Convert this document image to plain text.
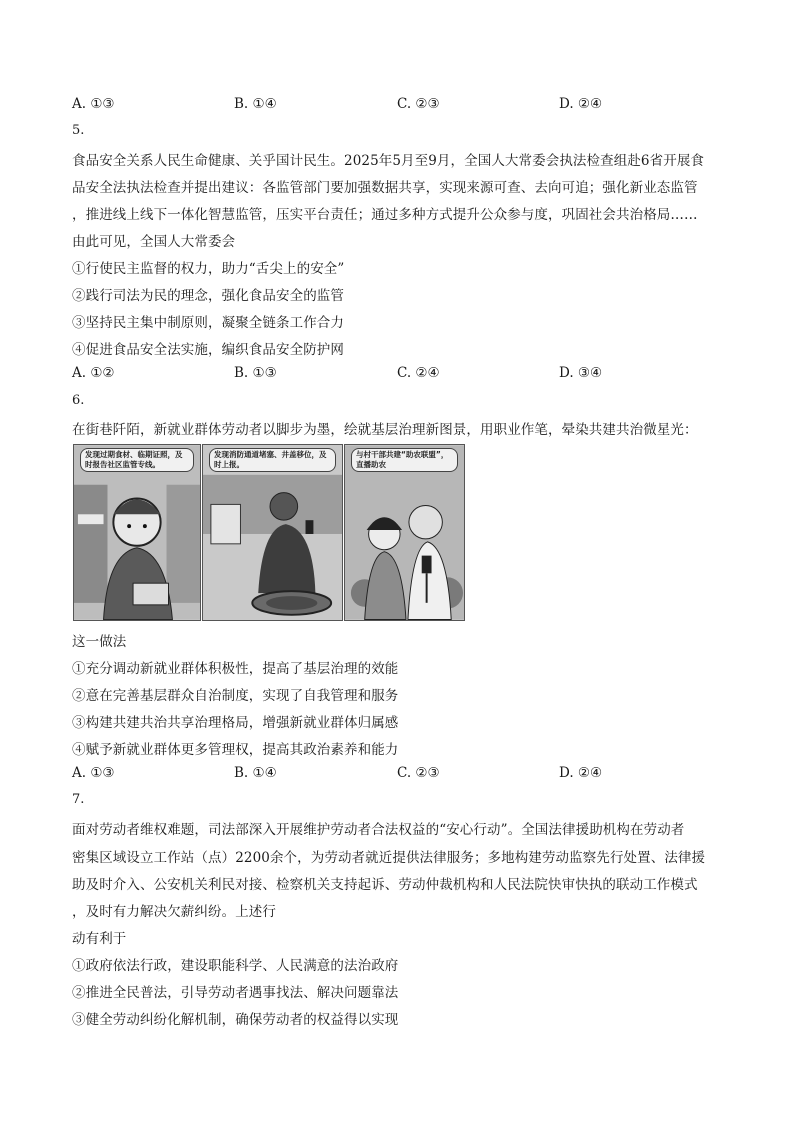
A. ①③	B. ①④	C. ②③	D. ②④
5.
食品安全关系人民生命健康、关乎国计民生。2025年5月至9月，全国人大常委会执法检查组赴6省开展食
品安全法执法检查并提出建议：各监管部门要加强数据共享，实现来源可查、去向可追；强化新业态监管
，推进线上线下一体化智慧监管，压实平台责任；通过多种方式提升公众参与度，巩固社会共治格局……
由此可见，全国人大常委会
①行使民主监督的权力，助力“舌尖上的安全”
②践行司法为民的理念，强化食品安全的监管
③坚持民主集中制原则，凝聚全链条工作合力
④促进食品安全法实施，编织食品安全防护网
A. ①②	B. ①③	C. ②④	D. ③④
6.
在街巷阡陌，新就业群体劳动者以脚步为墨，绘就基层治理新图景，用职业作笔，晕染共建共治微星光：
发现过期食材、临期证照，及时报告社区监管专线。
发现消防通道堵塞、井盖移位，及时上报。
与村干部共建“助农联盟”，直播助农
这一做法
①充分调动新就业群体积极性，提高了基层治理的效能
②意在完善基层群众自治制度，实现了自我管理和服务
③构建共建共治共享治理格局，增强新就业群体归属感
④赋予新就业群体更多管理权，提高其政治素养和能力
A. ①③	B. ①④	C. ②③	D. ②④
7.
面对劳动者维权难题，司法部深入开展维护劳动者合法权益的“安心行动”。全国法律援助机构在劳动者
密集区域设立工作站（点）2200余个，为劳动者就近提供法律服务；多地构建劳动监察先行处置、法律援
助及时介入、公安机关利民对接、检察机关支持起诉、劳动仲裁机构和人民法院快审快执的联动工作模式
，及时有力解决欠薪纠纷。上述行
动有利于
①政府依法行政，建设职能科学、人民满意的法治政府
②推进全民普法，引导劳动者遇事找法、解决问题靠法
③健全劳动纠纷化解机制，确保劳动者的权益得以实现
